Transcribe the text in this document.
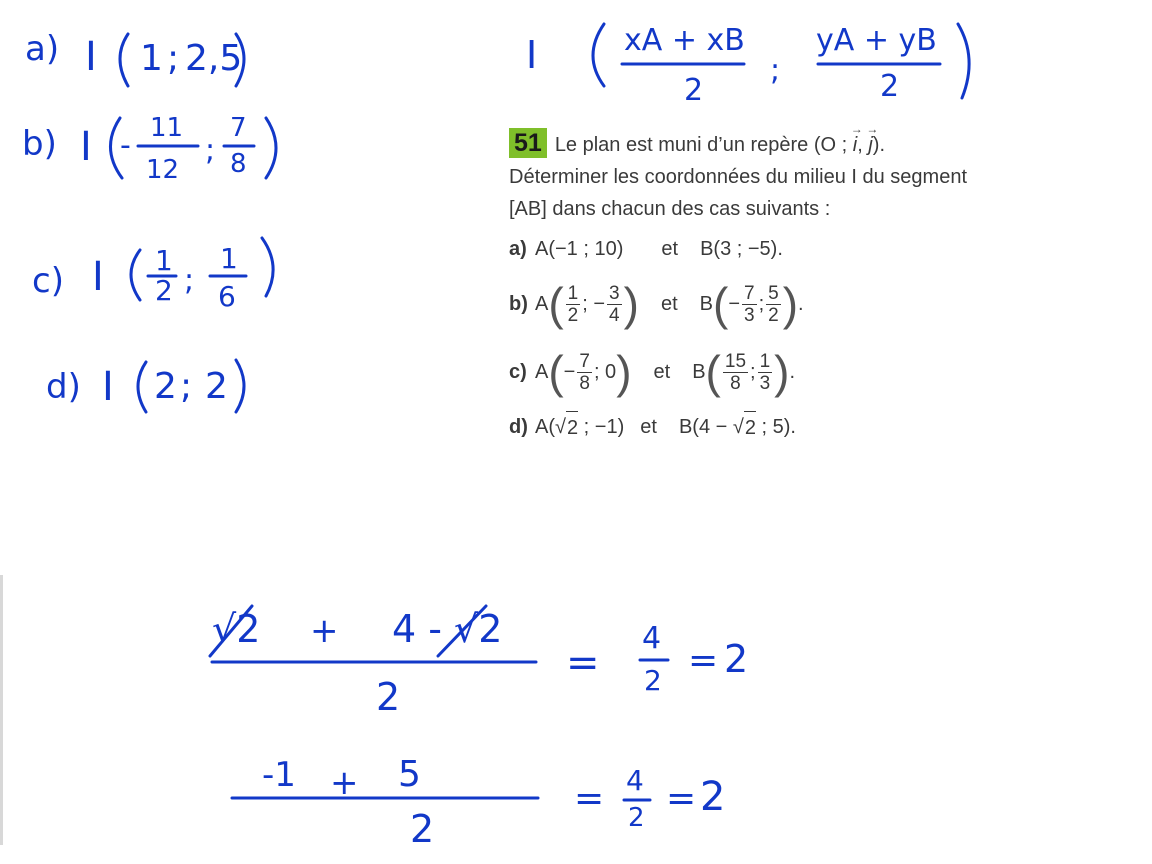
a) I 1 ; 2,5
b) I - 11
12
;
7
8
c) I 1
2 ;
1
6
d) I 2 ; 2
I	xA + xB
2
;
yA + yB
2
√2 + 4 - √2
2
=
4
2 = 2
-1 + 5
2
= 4
2 = 2
51 Le plan est muni d’un repère (O ; → i, → j).
Déterminer les coordonnées du milieu I du segment
[AB] dans chacun des cas suivants :
a) A(−1 ; 10) et B(3 ; −5).
b) A ( $\frac{1}{2}$ ; − $\frac{3}{4}$ ) et B ( − $\frac{7}{3}$ ; $\frac{5}{2}$ ) .
c) A ( − $\frac{7}{8}$ ; 0 ) et B ( $\frac{15}{8}$ ; $\frac{1}{3}$ ) .
d) A( √ 2
; −1) et B(4 −
√ 2
; 5).
